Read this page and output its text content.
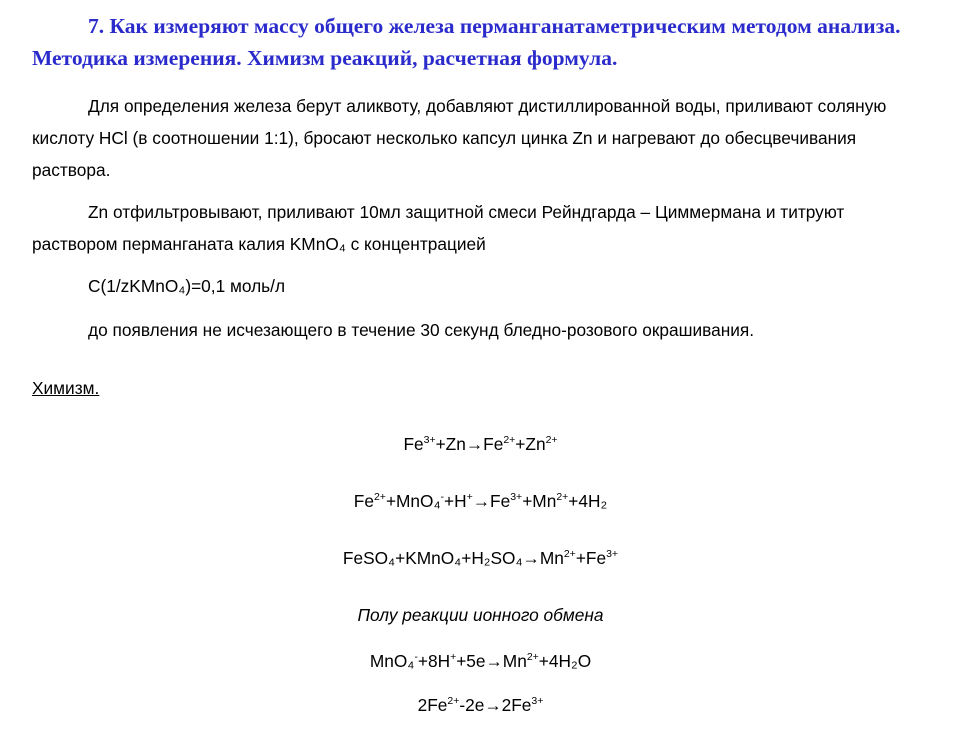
7. Как измеряют массу общего железа перманганатаметрическим методом анализа. Методика измерения. Химизм реакций, расчетная формула.

Для определения железа берут аликвоту, добавляют дистиллированной воды, приливают соляную кислоту HCl (в соотношении 1:1), бросают несколько капсул цинка Zn и нагревают до обесцвечивания раствора.

Zn отфильтровывают, приливают 10мл защитной смеси Рейндгарда – Циммермана и титруют раствором перманганата калия KMnO₄ с концентрацией

C(1/zKMnO₄)=0,1 моль/л

до появления не исчезающего в течение 30 секунд бледно-розового окрашивания.

Химизм.

$Fe^{3+}+Zn\to Fe^{2+}+Zn^{2+}$

$Fe^{2+}+MnO_4^-+H^+\to Fe^{3+}+Mn^{2+}+4H_2$

$FeSO_4+KMnO_4+H_2SO_4\to Mn^{2+}+Fe^{3+}$

Полу реакции ионного обмена

$MnO_4^-+8H^++5e\to Mn^{2+}+4H_2O$

$2Fe^{2+}-2e\to 2Fe^{3+}$
